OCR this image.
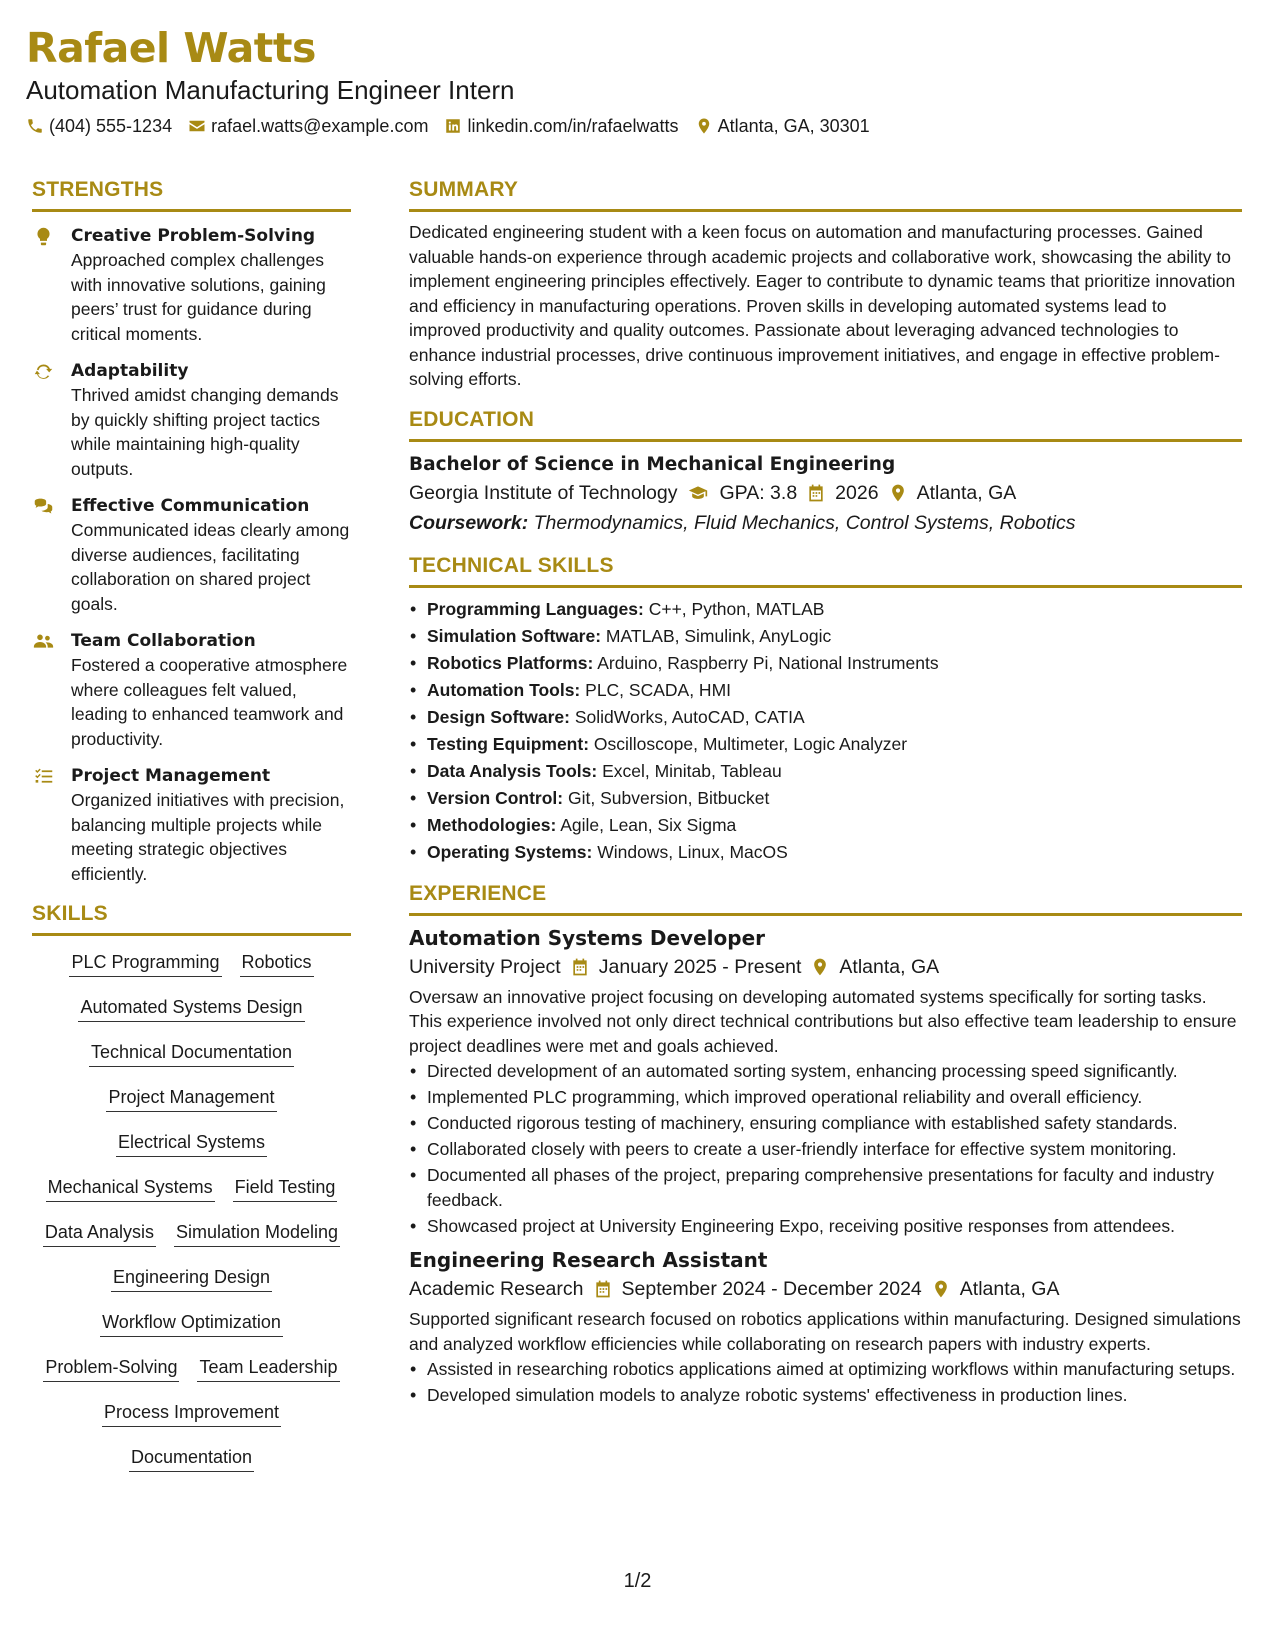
Rafael Watts
Automation Manufacturing Engineer Intern
(404) 555-1234 rafael.watts@example.com linkedin.com/in/rafaelwatts Atlanta, GA, 30301
STRENGTHS
Creative Problem-Solving
Approached complex challenges with innovative solutions, gaining peers’ trust for guidance during critical moments.
Adaptability
Thrived amidst changing demands by quickly shifting project tactics while maintaining high-quality outputs.
Effective Communication
Communicated ideas clearly among diverse audiences, facilitating collaboration on shared project goals.
Team Collaboration
Fostered a cooperative atmosphere where colleagues felt valued, leading to enhanced teamwork and productivity.
Project Management
Organized initiatives with precision, balancing multiple projects while meeting strategic objectives efficiently.
SKILLS
PLC Programming Robotics
Automated Systems Design
Technical Documentation
Project Management
Electrical Systems
Mechanical Systems Field Testing
Data Analysis Simulation Modeling
Engineering Design
Workflow Optimization
Problem-Solving Team Leadership
Process Improvement
Documentation
SUMMARY
Dedicated engineering student with a keen focus on automation and manufacturing processes. Gained valuable hands-on experience through academic projects and collaborative work, showcasing the ability to implement engineering principles effectively. Eager to contribute to dynamic teams that prioritize innovation and efficiency in manufacturing operations. Proven skills in developing automated systems lead to improved productivity and quality outcomes. Passionate about leveraging advanced technologies to enhance industrial processes, drive continuous improvement initiatives, and engage in effective problem-solving efforts.
EDUCATION
Bachelor of Science in Mechanical Engineering
Georgia Institute of Technology GPA: 3.8 2026 Atlanta, GA
Coursework: Thermodynamics, Fluid Mechanics, Control Systems, Robotics
TECHNICAL SKILLS
• Programming Languages: C++, Python, MATLAB
• Simulation Software: MATLAB, Simulink, AnyLogic
• Robotics Platforms: Arduino, Raspberry Pi, National Instruments
• Automation Tools: PLC, SCADA, HMI
• Design Software: SolidWorks, AutoCAD, CATIA
• Testing Equipment: Oscilloscope, Multimeter, Logic Analyzer
• Data Analysis Tools: Excel, Minitab, Tableau
• Version Control: Git, Subversion, Bitbucket
• Methodologies: Agile, Lean, Six Sigma
• Operating Systems: Windows, Linux, MacOS
EXPERIENCE
Automation Systems Developer
University Project January 2025 - Present Atlanta, GA
Oversaw an innovative project focusing on developing automated systems specifically for sorting tasks. This experience involved not only direct technical contributions but also effective team leadership to ensure project deadlines were met and goals achieved.
• Directed development of an automated sorting system, enhancing processing speed significantly.
• Implemented PLC programming, which improved operational reliability and overall efficiency.
• Conducted rigorous testing of machinery, ensuring compliance with established safety standards.
• Collaborated closely with peers to create a user-friendly interface for effective system monitoring.
• Documented all phases of the project, preparing comprehensive presentations for faculty and industry feedback.
• Showcased project at University Engineering Expo, receiving positive responses from attendees.
Engineering Research Assistant
Academic Research September 2024 - December 2024 Atlanta, GA
Supported significant research focused on robotics applications within manufacturing. Designed simulations and analyzed workflow efficiencies while collaborating on research papers with industry experts.
• Assisted in researching robotics applications aimed at optimizing workflows within manufacturing setups.
• Developed simulation models to analyze robotic systems' effectiveness in production lines.
1/2
